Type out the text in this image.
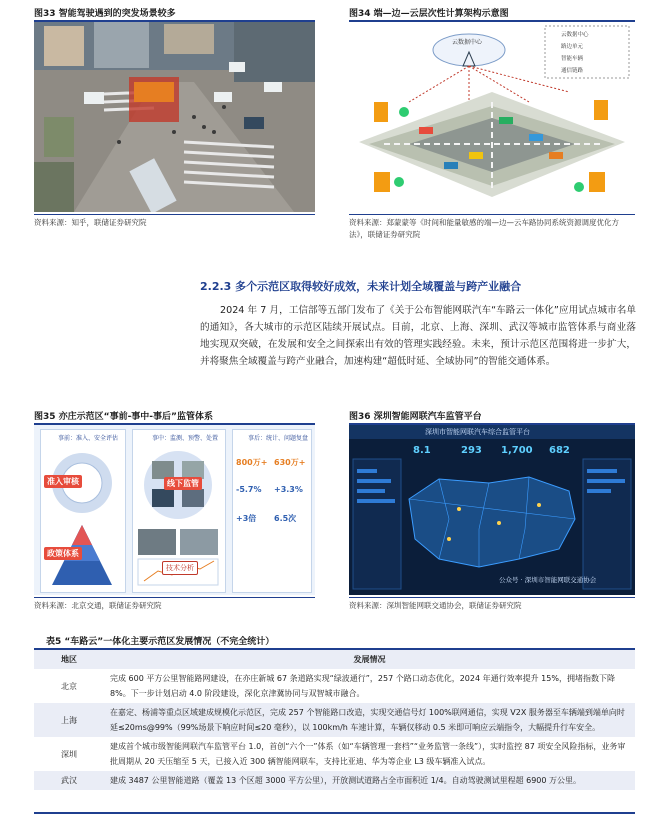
图33 智能驾驶遇到的突发场景较多
资料来源：知乎，联储证券研究院
图34 端—边—云层次性计算架构示意图
云数据中心
云数据中心
路边单元
智能车辆
通信链路
资料来源：郑蒙蒙等《时间和能量敏感的端—边—云车路协同系统资源调度优化方法》，联储证券研究院
2.2.3 多个示范区取得较好成效，未来计划全域覆盖与跨产业融合
2024 年 7 月，工信部等五部门发布了《关于公布智能网联汽车“车路云一体化”应用试点城市名单的通知》，各大城市的示范区陆续开展试点。目前，北京、上海、深圳、武汉等城市监管体系与商业落地实现双突破，在发展和安全之间探索出有效的管理实践经验。未来，预计示范区范围将进一步扩大，并将聚焦全域覆盖与跨产业融合，加速构建“超低时延、全域协同”的智能交通体系。
图35 亦庄示范区“事前-事中-事后”监管体系
事前：准入、安全评估	事中：监测、预警、处置	事后：统计、问题复盘
准入审核
政策体系
线下监管
技术分析
800万+ 630万+
-5.7% +3.3%
+3倍 6.5次
资料来源：北京交通，联储证券研究院
图36 深圳智能网联汽车监管平台
深圳市智能网联汽车综合监管平台
8.1	293 1,700 682
公众号 · 深圳市智能网联交通协会
资料来源：深圳智能网联交通协会，联储证券研究院
表5 “车路云”一体化主要示范区发展情况（不完全统计）
地区	发展情况
北京	完成 600 平方公里智能路网建设，在亦庄新城 67 条道路实现“绿波通行”，257 个路口动态优化，2024 年通行效率提升 15%，拥堵指数下降 8%。下一步计划启动 4.0 阶段建设，深化京津冀协同与双智城市融合。
上海	在嘉定、杨浦等重点区域建成规模化示范区，完成 257 个智能路口改造，实现交通信号灯 100%联网通信，实现 V2X 服务器至车辆端到端单向时延≤20ms@99%（99%场景下响应时间≤20 毫秒），以 100km/h 车速计算，车辆仅移动 0.5 米即可响应云端指令，大幅提升行车安全。
深圳	建成首个城市级智能网联汽车监管平台 1.0，首创“六个一”体系（如“车辆管理一套档”“业务监管一条线”），实时监控 87 项安全风险指标，业务审批周期从 20 天压缩至 5 天，已接入近 300 辆智能网联车，支持比亚迪、华为等企业 L3 级车辆准入试点。
武汉	建成 3487 公里智能道路（覆盖 13 个区超 3000 平方公里），开放测试道路占全市面积近 1/4。自动驾驶测试里程超 6900 万公里。
